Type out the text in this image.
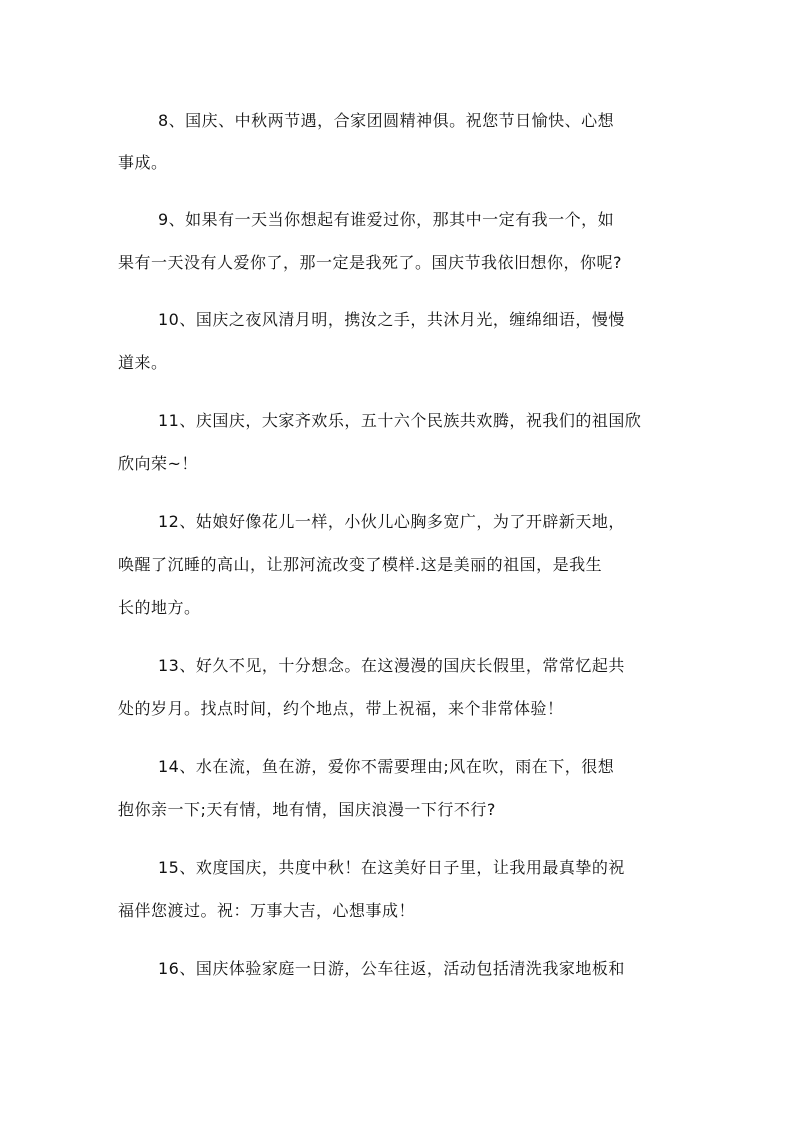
8、国庆、中秋两节遇，合家团圆精神俱。祝您节日愉快、心想
事成。
9、如果有一天当你想起有谁爱过你，那其中一定有我一个，如
果有一天没有人爱你了，那一定是我死了。国庆节我依旧想你，你呢?
10、国庆之夜风清月明，携汝之手，共沐月光，缠绵细语，慢慢
道来。
11、庆国庆，大家齐欢乐，五十六个民族共欢腾，祝我们的祖国欣
欣向荣~！
12、姑娘好像花儿一样，小伙儿心胸多宽广，为了开辟新天地，
唤醒了沉睡的高山，让那河流改变了模样.这是美丽的祖国，是我生
长的地方。
13、好久不见，十分想念。在这漫漫的国庆长假里，常常忆起共
处的岁月。找点时间，约个地点，带上祝福，来个非常体验！
14、水在流，鱼在游，爱你不需要理由;风在吹，雨在下，很想
抱你亲一下;天有情，地有情，国庆浪漫一下行不行?
15、欢度国庆，共度中秋！在这美好日子里，让我用最真挚的祝
福伴您渡过。祝：万事大吉，心想事成！
16、国庆体验家庭一日游，公车往返，活动包括清洗我家地板和
